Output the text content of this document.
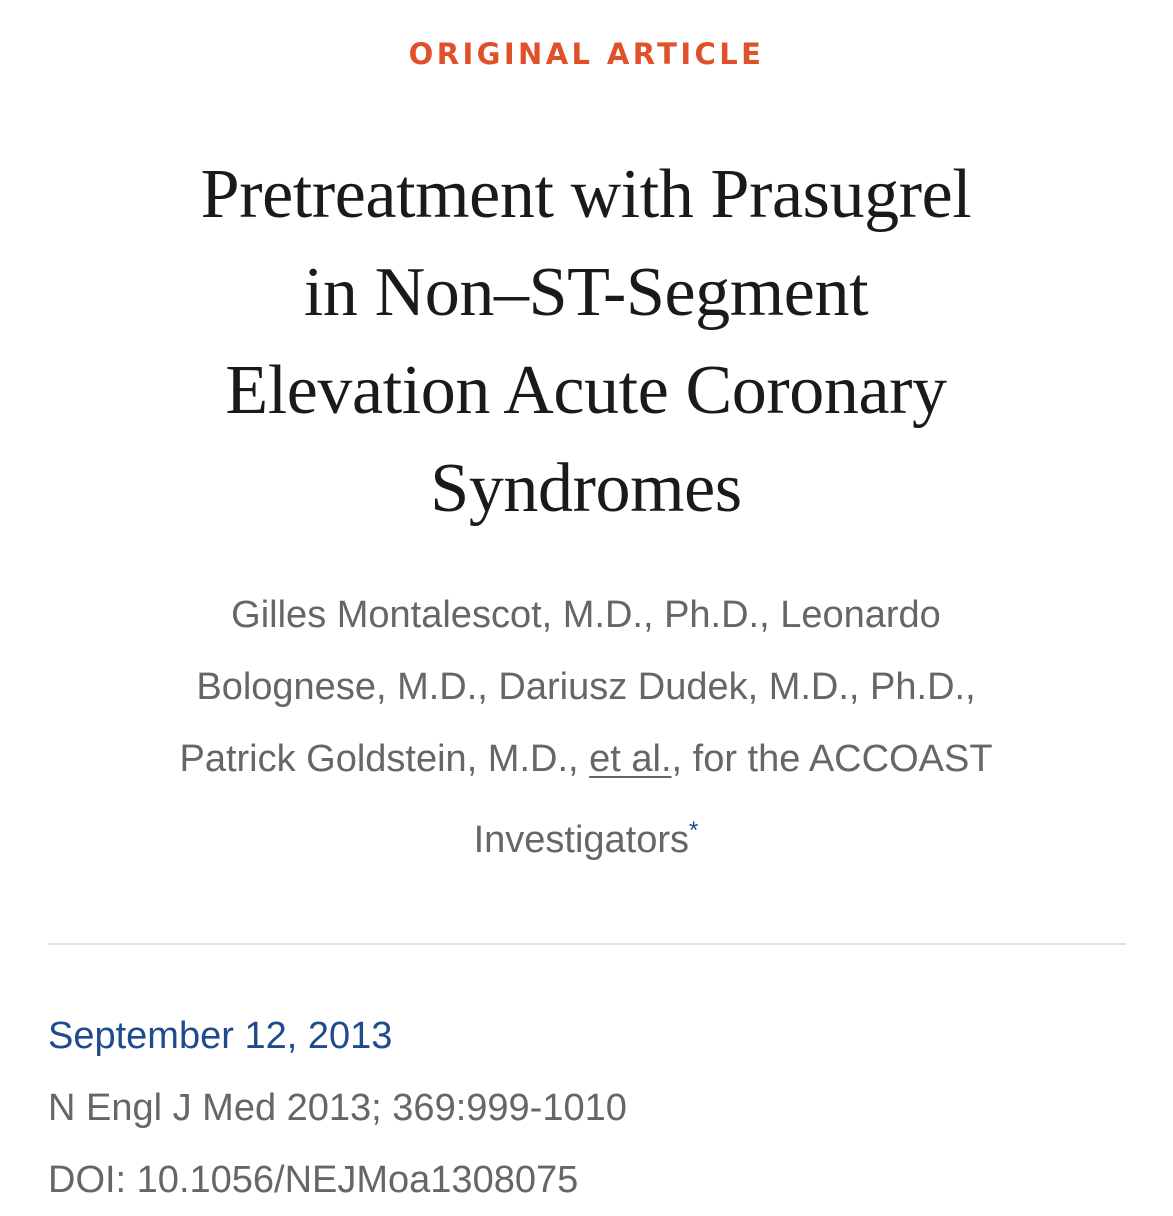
ORIGINAL ARTICLE
Pretreatment with Prasugrel
in Non–ST-Segment
Elevation Acute Coronary
Syndromes
Gilles Montalescot, M.D., Ph.D., Leonardo
Bolognese, M.D., Dariusz Dudek, M.D., Ph.D.,
Patrick Goldstein, M.D., et al., for the ACCOAST
Investigators*
September 12, 2013
N Engl J Med 2013; 369:999-1010
DOI: 10.1056/NEJMoa1308075
